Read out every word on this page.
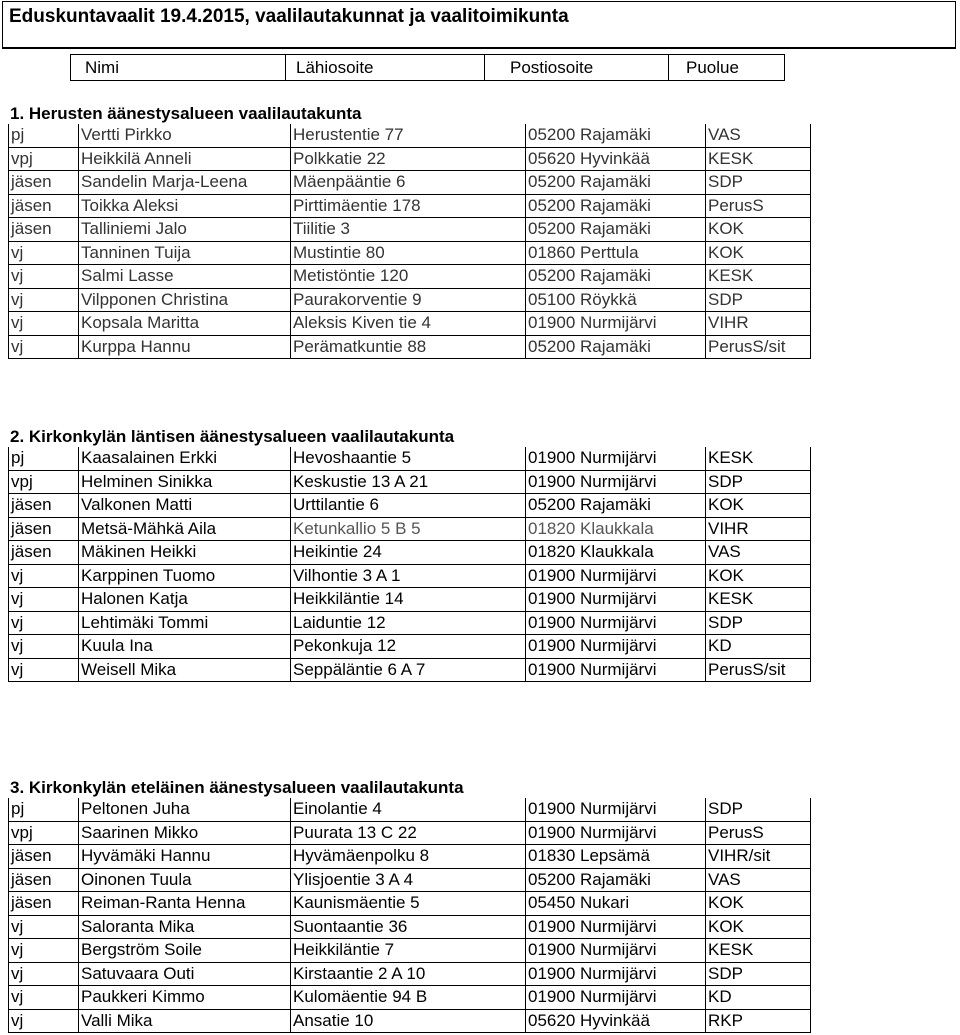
Eduskuntavaalit 19.4.2015, vaalilautakunnat ja vaalitoimikunta
Nimi	Lähiosoite	Postiosoite	Puolue
1. Herusten äänestysalueen vaalilautakunta
pj	Vertti Pirkko	Herustentie 77	05200 Rajamäki	VAS
vpj	Heikkilä Anneli	Polkkatie 22	05620 Hyvinkää	KESK
jäsen	Sandelin Marja-Leena	Mäenpääntie 6	05200 Rajamäki	SDP
jäsen	Toikka Aleksi	Pirttimäentie 178	05200 Rajamäki	PerusS
jäsen	Talliniemi Jalo	Tiilitie 3	05200 Rajamäki	KOK
vj	Tanninen Tuija	Mustintie 80	01860 Perttula	KOK
vj	Salmi Lasse	Metistöntie 120	05200 Rajamäki	KESK
vj	Vilpponen Christina	Paurakorventie 9	05100 Röykkä	SDP
vj	Kopsala Maritta	Aleksis Kiven tie 4	01900 Nurmijärvi	VIHR
vj	Kurppa Hannu	Perämatkuntie 88	05200 Rajamäki	PerusS/sit
2. Kirkonkylän läntisen äänestysalueen vaalilautakunta
pj	Kaasalainen Erkki	Hevoshaantie 5	01900 Nurmijärvi	KESK
vpj	Helminen Sinikka	Keskustie 13 A 21	01900 Nurmijärvi	SDP
jäsen	Valkonen Matti	Urttilantie 6	05200 Rajamäki	KOK
jäsen	Metsä-Mähkä Aila	Ketunkallio 5 B 5	01820 Klaukkala	VIHR
jäsen	Mäkinen Heikki	Heikintie 24	01820 Klaukkala	VAS
vj	Karppinen Tuomo	Vilhontie 3 A 1	01900 Nurmijärvi	KOK
vj	Halonen Katja	Heikkiläntie 14	01900 Nurmijärvi	KESK
vj	Lehtimäki Tommi	Laiduntie 12	01900 Nurmijärvi	SDP
vj	Kuula Ina	Pekonkuja 12	01900 Nurmijärvi	KD
vj	Weisell Mika	Seppäläntie 6 A 7	01900 Nurmijärvi	PerusS/sit
3. Kirkonkylän eteläinen äänestysalueen vaalilautakunta
pj	Peltonen Juha	Einolantie 4	01900 Nurmijärvi	SDP
vpj	Saarinen Mikko	Puurata 13 C 22	01900 Nurmijärvi	PerusS
jäsen	Hyvämäki Hannu	Hyvämäenpolku 8	01830 Lepsämä	VIHR/sit
jäsen	Oinonen Tuula	Ylisjoentie 3 A 4	05200 Rajamäki	VAS
jäsen	Reiman-Ranta Henna	Kaunismäentie 5	05450 Nukari	KOK
vj	Saloranta Mika	Suontaantie 36	01900 Nurmijärvi	KOK
vj	Bergström Soile	Heikkiläntie 7	01900 Nurmijärvi	KESK
vj	Satuvaara Outi	Kirstaantie 2 A 10	01900 Nurmijärvi	SDP
vj	Paukkeri Kimmo	Kulomäentie 94 B	01900 Nurmijärvi	KD
vj	Valli Mika	Ansatie 10	05620 Hyvinkää	RKP
